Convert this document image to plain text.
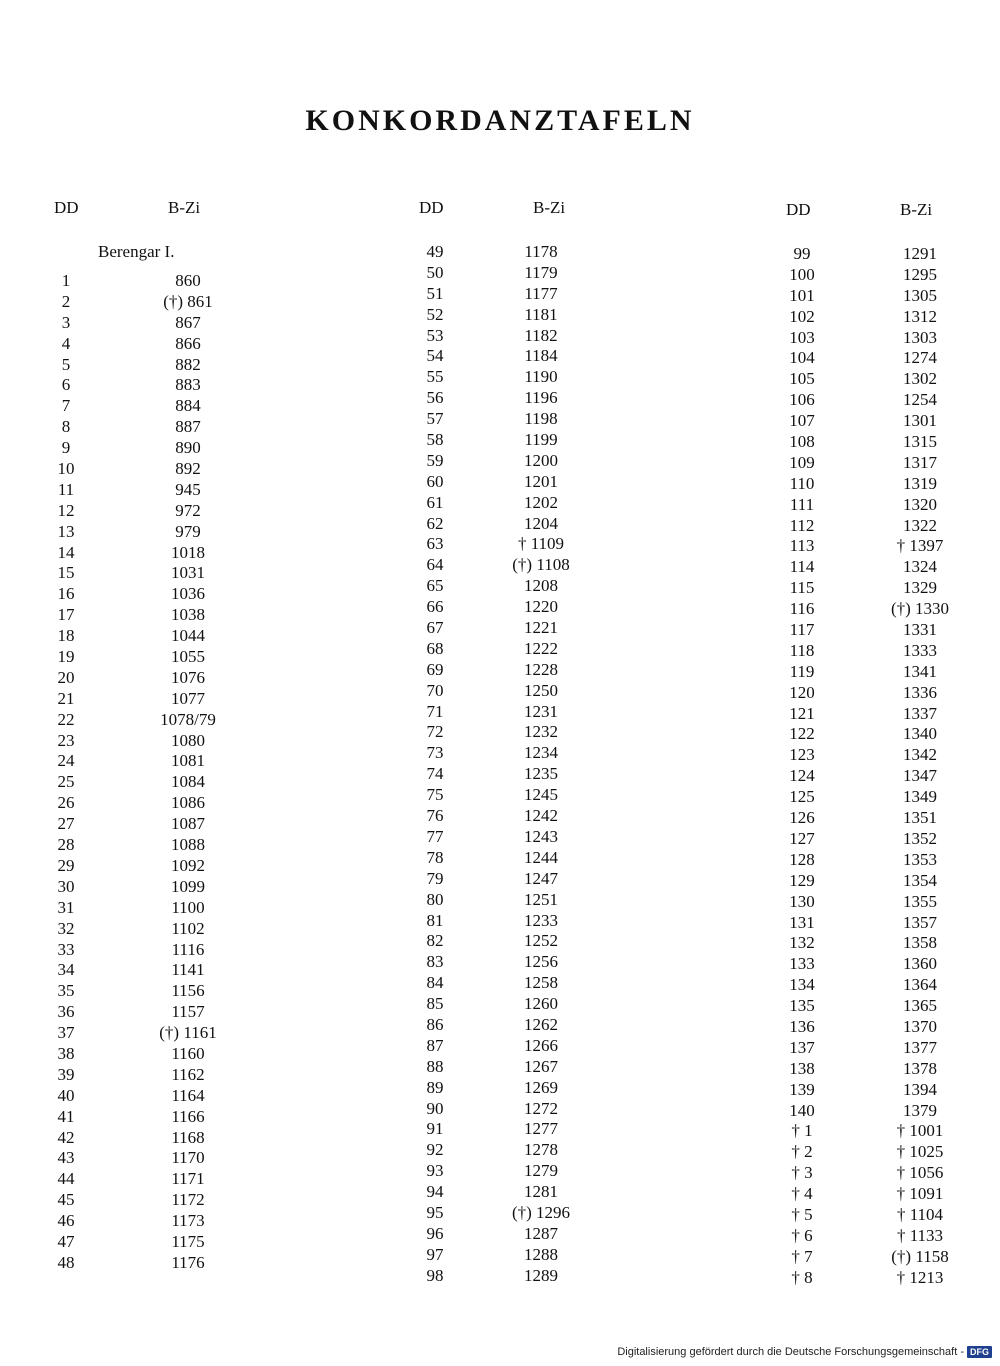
KONKORDANZTAFELN
DD	B-Zi
Berengar I.
1	860
2	(†) 861
3	867
4	866
5	882
6	883
7	884
8	887
9	890
10	892
11	945
12	972
13	979
14	1018
15	1031
16	1036
17	1038
18	1044
19	1055
20	1076
21	1077
22	1078/79
23	1080
24	1081
25	1084
26	1086
27	1087
28	1088
29	1092
30	1099
31	1100
32	1102
33	1116
34	1141
35	1156
36	1157
37	(†) 1161
38	1160
39	1162
40	1164
41	1166
42	1168
43	1170
44	1171
45	1172
46	1173
47	1175
48	1176
DD	B-Zi
49	1178
50	1179
51	1177
52	1181
53	1182
54	1184
55	1190
56	1196
57	1198
58	1199
59	1200
60	1201
61	1202
62	1204
63	† 1109
64	(†) 1108
65	1208
66	1220
67	1221
68	1222
69	1228
70	1250
71	1231
72	1232
73	1234
74	1235
75	1245
76	1242
77	1243
78	1244
79	1247
80	1251
81	1233
82	1252
83	1256
84	1258
85	1260
86	1262
87	1266
88	1267
89	1269
90	1272
91	1277
92	1278
93	1279
94	1281
95	(†) 1296
96	1287
97	1288
98	1289
DD	B-Zi
99	1291
100	1295
101	1305
102	1312
103	1303
104	1274
105	1302
106	1254
107	1301
108	1315
109	1317
110	1319
111	1320
112	1322
113	† 1397
114	1324
115	1329
116	(†) 1330
117	1331
118	1333
119	1341
120	1336
121	1337
122	1340
123	1342
124	1347
125	1349
126	1351
127	1352
128	1353
129	1354
130	1355
131	1357
132	1358
133	1360
134	1364
135	1365
136	1370
137	1377
138	1378
139	1394
140	1379
† 1	† 1001
† 2	† 1025
† 3	† 1056
† 4	† 1091
† 5	† 1104
† 6	† 1133
† 7	(†) 1158
† 8	† 1213
Digitalisierung gefördert durch die Deutsche Forschungsgemeinschaft - DFG
